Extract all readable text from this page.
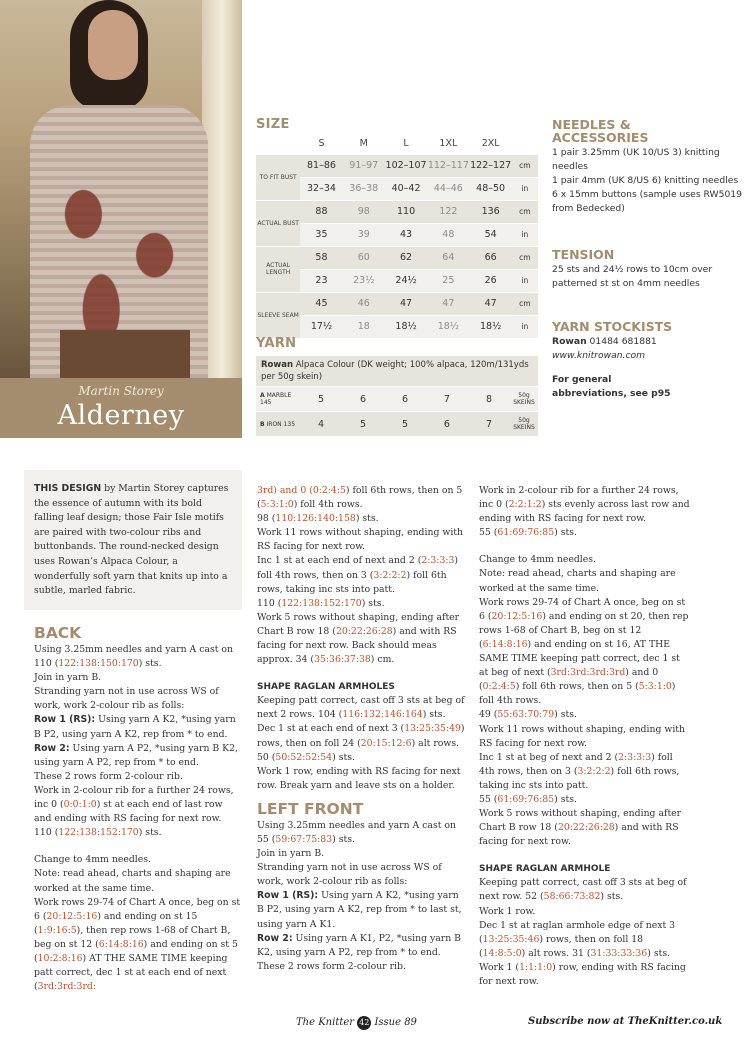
Martin Storey
Alderney
SIZE
	S	M	L	1XL	2XL	
TO FIT BUST	81–86	91–97	102–107	112–117	122–127	cm
	32–34	36–38	40–42	44–46	48–50	in
ACTUAL BUST	88	98	110	122	136	cm
	35	39	43	48	54	in
ACTUAL LENGTH	58	60	62	64	66	cm
	23	23½	24½	25	26	in
SLEEVE SEAM	45	46	47	47	47	cm
	17½	18	18½	18½	18½	in
YARN
Rowan Alpaca Colour (DK weight; 100% alpaca, 120m/131yds per 50g skein)						
A MARBLE 145	5	6	6	7	8	50g SKEINS
B IRON 135	4	5	5	6	7	50g SKEINS
NEEDLES & ACCESSORIES
1 pair 3.25mm (UK 10/US 3) knitting needles
1 pair 4mm (UK 8/US 6) knitting needles
6 x 15mm buttons (sample uses RW5019 from Bedecked)
TENSION
25 sts and 24½ rows to 10cm over patterned st st on 4mm needles
YARN STOCKISTS
Rowan 01484 681881
www.knitrowan.com
For general abbreviations, see p95
THIS DESIGN by Martin Storey captures the essence of autumn with its bold falling leaf design; those Fair Isle motifs are paired with two-colour ribs and buttonbands. The round-necked design uses Rowan’s Alpaca Colour, a wonderfully soft yarn that knits up into a subtle, marled fabric.
BACK

Using 3.25mm needles and yarn A cast on 110 (122:138:150:170) sts.

Join in yarn B.

Stranding yarn not in use across WS of work, work 2-colour rib as folls:

Row 1 (RS): Using yarn A K2, *using yarn B P2, using yarn A K2, rep from * to end.

Row 2: Using yarn A P2, *using yarn B K2, using yarn A P2, rep from * to end.

These 2 rows form 2-colour rib.

Work in 2-colour rib for a further 24 rows, inc 0 (0:0:1:0) st at each end of last row and ending with RS facing for next row.

110 (122:138:152:170) sts.

Change to 4mm needles.

Note: read ahead, charts and shaping are worked at the same time.

Work rows 29-74 of Chart A once, beg on st 6 (20:12:5:16) and ending on st 15 (1:9:16:5), then rep rows 1-68 of Chart B, beg on st 12 (6:14:8:16) and ending on st 5 (10:2:8:16) AT THE SAME TIME keeping patt correct, dec 1 st at each end of next (3rd:3rd:3rd:

3rd) and 0 (0:2:4:5) foll 6th rows, then on 5 (5:3:1:0) foll 4th rows.

98 (110:126:140:158) sts.

Work 11 rows without shaping, ending with RS facing for next row.

Inc 1 st at each end of next and 2 (2:3:3:3) foll 4th rows, then on 3 (3:2:2:2) foll 6th rows, taking inc sts into patt.

110 (122:138:152:170) sts.

Work 5 rows without shaping, ending after Chart B row 18 (20:22:26:28) and with RS facing for next row. Back should meas approx. 34 (35:36:37:38) cm.

SHAPE RAGLAN ARMHOLES

Keeping patt correct, cast off 3 sts at beg of next 2 rows. 104 (116:132:146:164) sts.

Dec 1 st at each end of next 3 (13:25:35:49) rows, then on foll 24 (20:15:12:6) alt rows.

50 (50:52:52:54) sts.

Work 1 row, ending with RS facing for next row. Break yarn and leave sts on a holder.

LEFT FRONT

Using 3.25mm needles and yarn A cast on 55 (59:67:75:83) sts.

Join in yarn B.

Stranding yarn not in use across WS of work, work 2-colour rib as folls:

Row 1 (RS): Using yarn A K2, *using yarn B P2, using yarn A K2, rep from * to last st, using yarn A K1.

Row 2: Using yarn A K1, P2, *using yarn B K2, using yarn A P2, rep from * to end.

These 2 rows form 2-colour rib.

Work in 2-colour rib for a further 24 rows, inc 0 (2:2:1:2) sts evenly across last row and ending with RS facing for next row.

55 (61:69:76:85) sts.

Change to 4mm needles.

Note: read ahead, charts and shaping are worked at the same time.

Work rows 29-74 of Chart A once, beg on st 6 (20:12:5:16) and ending on st 20, then rep rows 1-68 of Chart B, beg on st 12 (6:14:8:16) and ending on st 16, AT THE SAME TIME keeping patt correct, dec 1 st at beg of next (3rd:3rd:3rd:3rd) and 0 (0:2:4:5) foll 6th rows, then on 5 (5:3:1:0) foll 4th rows.

49 (55:63:70:79) sts.

Work 11 rows without shaping, ending with RS facing for next row.

Inc 1 st at beg of next and 2 (2:3:3:3) foll 4th rows, then on 3 (3:2:2:2) foll 6th rows, taking inc sts into patt.

55 (61:69:76:85) sts.

Work 5 rows without shaping, ending after Chart B row 18 (20:22:26:28) and with RS facing for next row.

SHAPE RAGLAN ARMHOLE

Keeping patt correct, cast off 3 sts at beg of next row. 52 (58:66:73:82) sts.

Work 1 row.

Dec 1 st at raglan armhole edge of next 3 (13:25:35:46) rows, then on foll 18 (14:8:5:0) alt rows. 31 (31:33:33:36) sts.

Work 1 (1:1:1:0) row, ending with RS facing for next row.

The Knitter 42 Issue 89	Subscribe now at TheKnitter.co.uk
